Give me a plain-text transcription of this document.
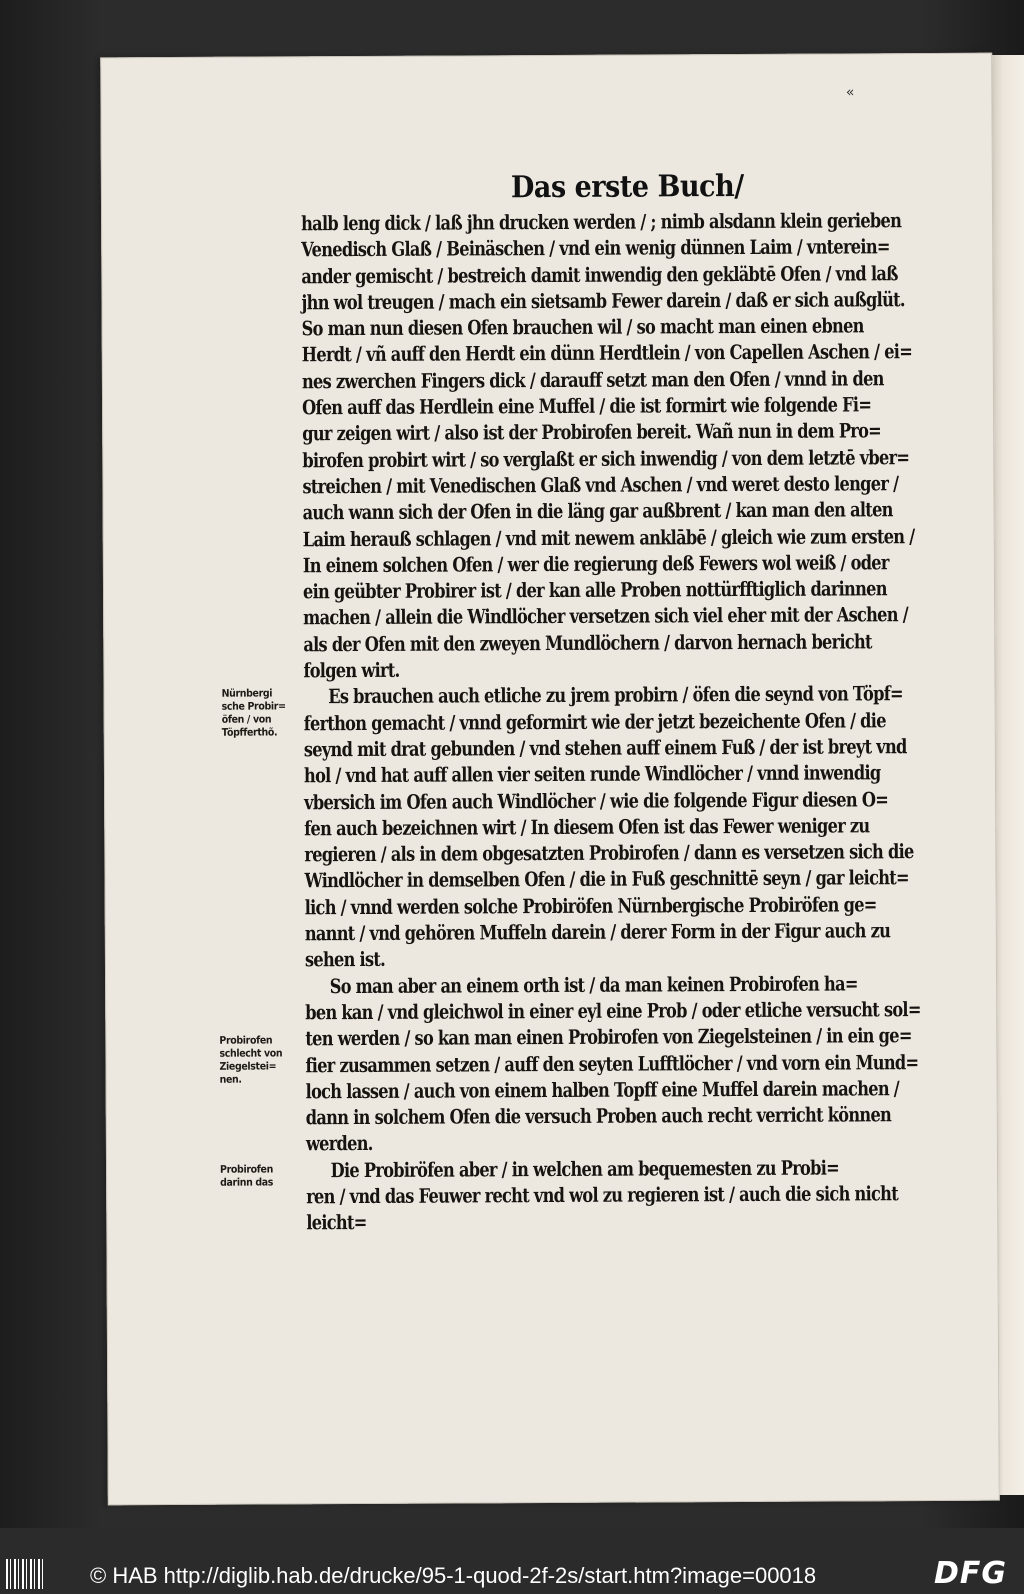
«
Das erste Buch/
halb leng dick / laß jhn drucken werden / ; nimb alsdann klein gerieben
Venedisch Glaß / Beinäschen / vnd ein wenig dünnen Laim / vnterein=
ander gemischt / bestreich damit inwendig den gekläbtē Ofen / vnd laß
jhn wol treugen / mach ein sietsamb Fewer darein / daß er sich außglüt.
So man nun diesen Ofen brauchen wil / so macht man einen ebnen
Herdt / vñ auff den Herdt ein dünn Herdtlein / von Capellen Aschen / ei=
nes zwerchen Fingers dick / darauff setzt man den Ofen / vnnd in den
Ofen auff das Herdlein eine Muffel / die ist formirt wie folgende Fi=
gur zeigen wirt / also ist der Probirofen bereit. Wañ nun in dem Pro=
birofen probirt wirt / so verglaßt er sich inwendig / von dem letztē vber=
streichen / mit Venedischen Glaß vnd Aschen / vnd weret desto lenger /
auch wann sich der Ofen in die läng gar außbrent / kan man den alten
Laim herauß schlagen / vnd mit newem anklābē / gleich wie zum ersten /
In einem solchen Ofen / wer die regierung deß Fewers wol weiß / oder
ein geübter Probirer ist / der kan alle Proben nottürfftiglich darinnen
machen / allein die Windlöcher versetzen sich viel eher mit der Aschen /
als der Ofen mit den zweyen Mundlöchern / darvon hernach bericht
folgen wirt.
Es brauchen auch etliche zu jrem probirn / öfen die seynd von Töpf=
ferthon gemacht / vnnd geformirt wie der jetzt bezeichente Ofen / die
seynd mit drat gebunden / vnd stehen auff einem Fuß / der ist breyt vnd
hol / vnd hat auff allen vier seiten runde Windlöcher / vnnd inwendig
vbersich im Ofen auch Windlöcher / wie die folgende Figur diesen O=
fen auch bezeichnen wirt / In diesem Ofen ist das Fewer weniger zu
regieren / als in dem obgesatzten Probirofen / dann es versetzen sich die
Windlöcher in demselben Ofen / die in Fuß geschnittē seyn / gar leicht=
lich / vnnd werden solche Probiröfen Nürnbergische Probiröfen ge=
nannt / vnd gehören Muffeln darein / derer Form in der Figur auch zu
sehen ist.
So man aber an einem orth ist / da man keinen Probirofen ha=
ben kan / vnd gleichwol in einer eyl eine Prob / oder etliche versucht sol=
ten werden / so kan man einen Probirofen von Ziegelsteinen / in ein ge=
fier zusammen setzen / auff den seyten Lufftlöcher / vnd vorn ein Mund=
loch lassen / auch von einem halben Topff eine Muffel darein machen /
dann in solchem Ofen die versuch Proben auch recht verricht können
werden.
Die Probiröfen aber / in welchen am bequemesten zu Probi=
ren / vnd das Feuwer recht vnd wol zu regieren ist / auch die sich nicht
leicht=
Nürnbergi
sche Probir=
öfen / von
Töpfferthõ.
Probirofen
schlecht von
Ziegelstei=
nen.
Probirofen
darinn das
© HAB http://diglib.hab.de/drucke/95-1-quod-2f-2s/start.htm?image=00018	DFG
